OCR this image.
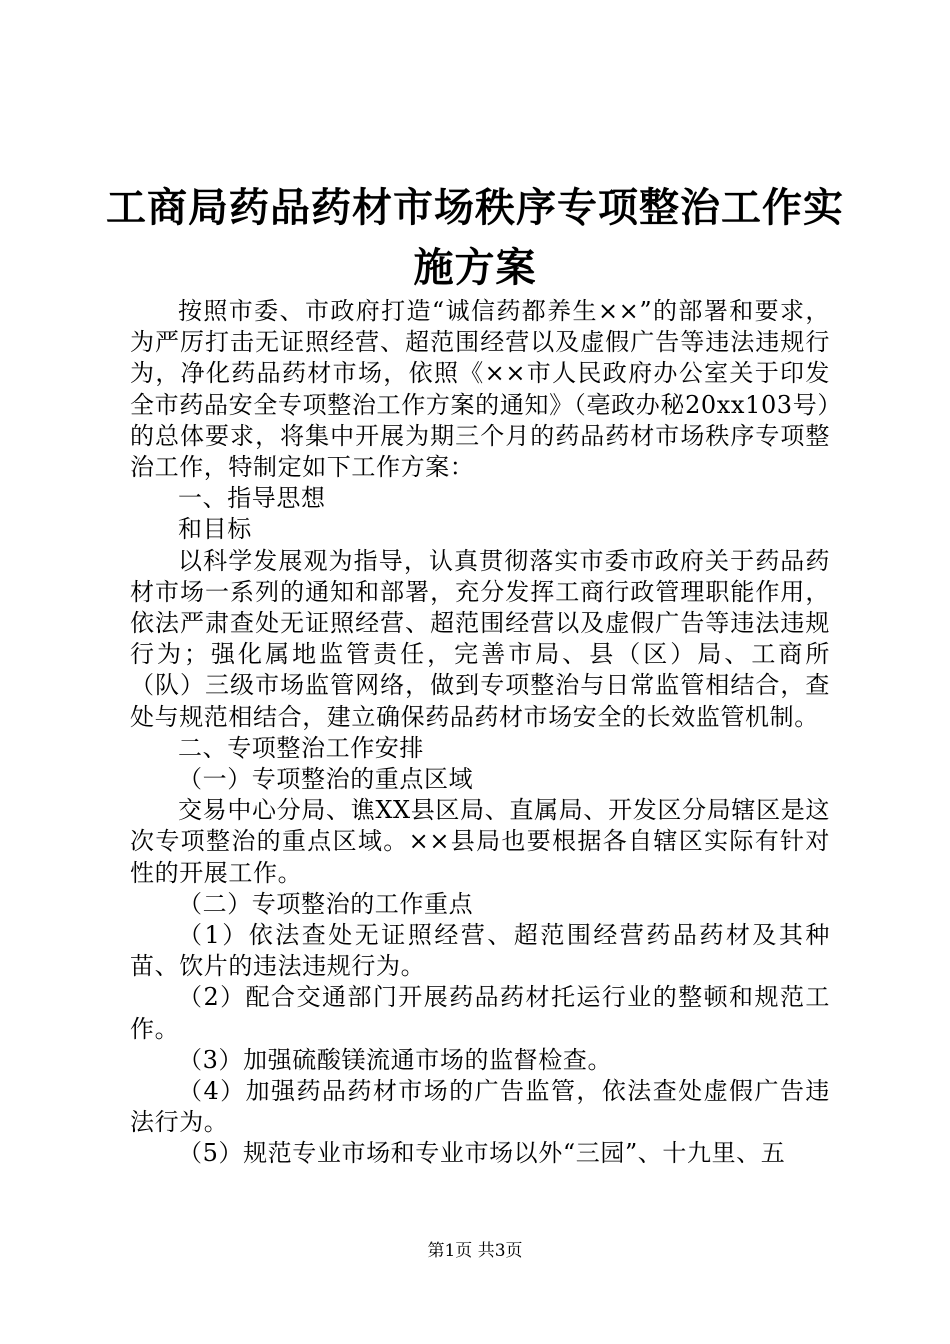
工商局药品药材市场秩序专项整治工作实施方案

按照市委、市政府打造“诚信药都养生××”的部署和要求，为严厉打击无证照经营、超范围经营以及虚假广告等违法违规行为，净化药品药材市场，依照《××市人民政府办公室关于印发全市药品安全专项整治工作方案的通知》（亳政办秘20xx103号）的总体要求，将集中开展为期三个月的药品药材市场秩序专项整治工作，特制定如下工作方案：

一、指导思想

和目标

以科学发展观为指导，认真贯彻落实市委市政府关于药品药材市场一系列的通知和部署，充分发挥工商行政管理职能作用，依法严肃查处无证照经营、超范围经营以及虚假广告等违法违规行为；强化属地监管责任，完善市局、县（区）局、工商所（队）三级市场监管网络，做到专项整治与日常监管相结合，查处与规范相结合，建立确保药品药材市场安全的长效监管机制。

二、专项整治工作安排

（一）专项整治的重点区域

交易中心分局、谯XX县区局、直属局、开发区分局辖区是这次专项整治的重点区域。××县局也要根据各自辖区实际有针对性的开展工作。

（二）专项整治的工作重点

（1）依法查处无证照经营、超范围经营药品药材及其种苗、饮片的违法违规行为。

（2）配合交通部门开展药品药材托运行业的整顿和规范工作。

（3）加强硫酸镁流通市场的监督检查。

（4）加强药品药材市场的广告监管，依法查处虚假广告违法行为。

（5）规范专业市场和专业市场以外“三园”、十九里、五

第1页 共3页
